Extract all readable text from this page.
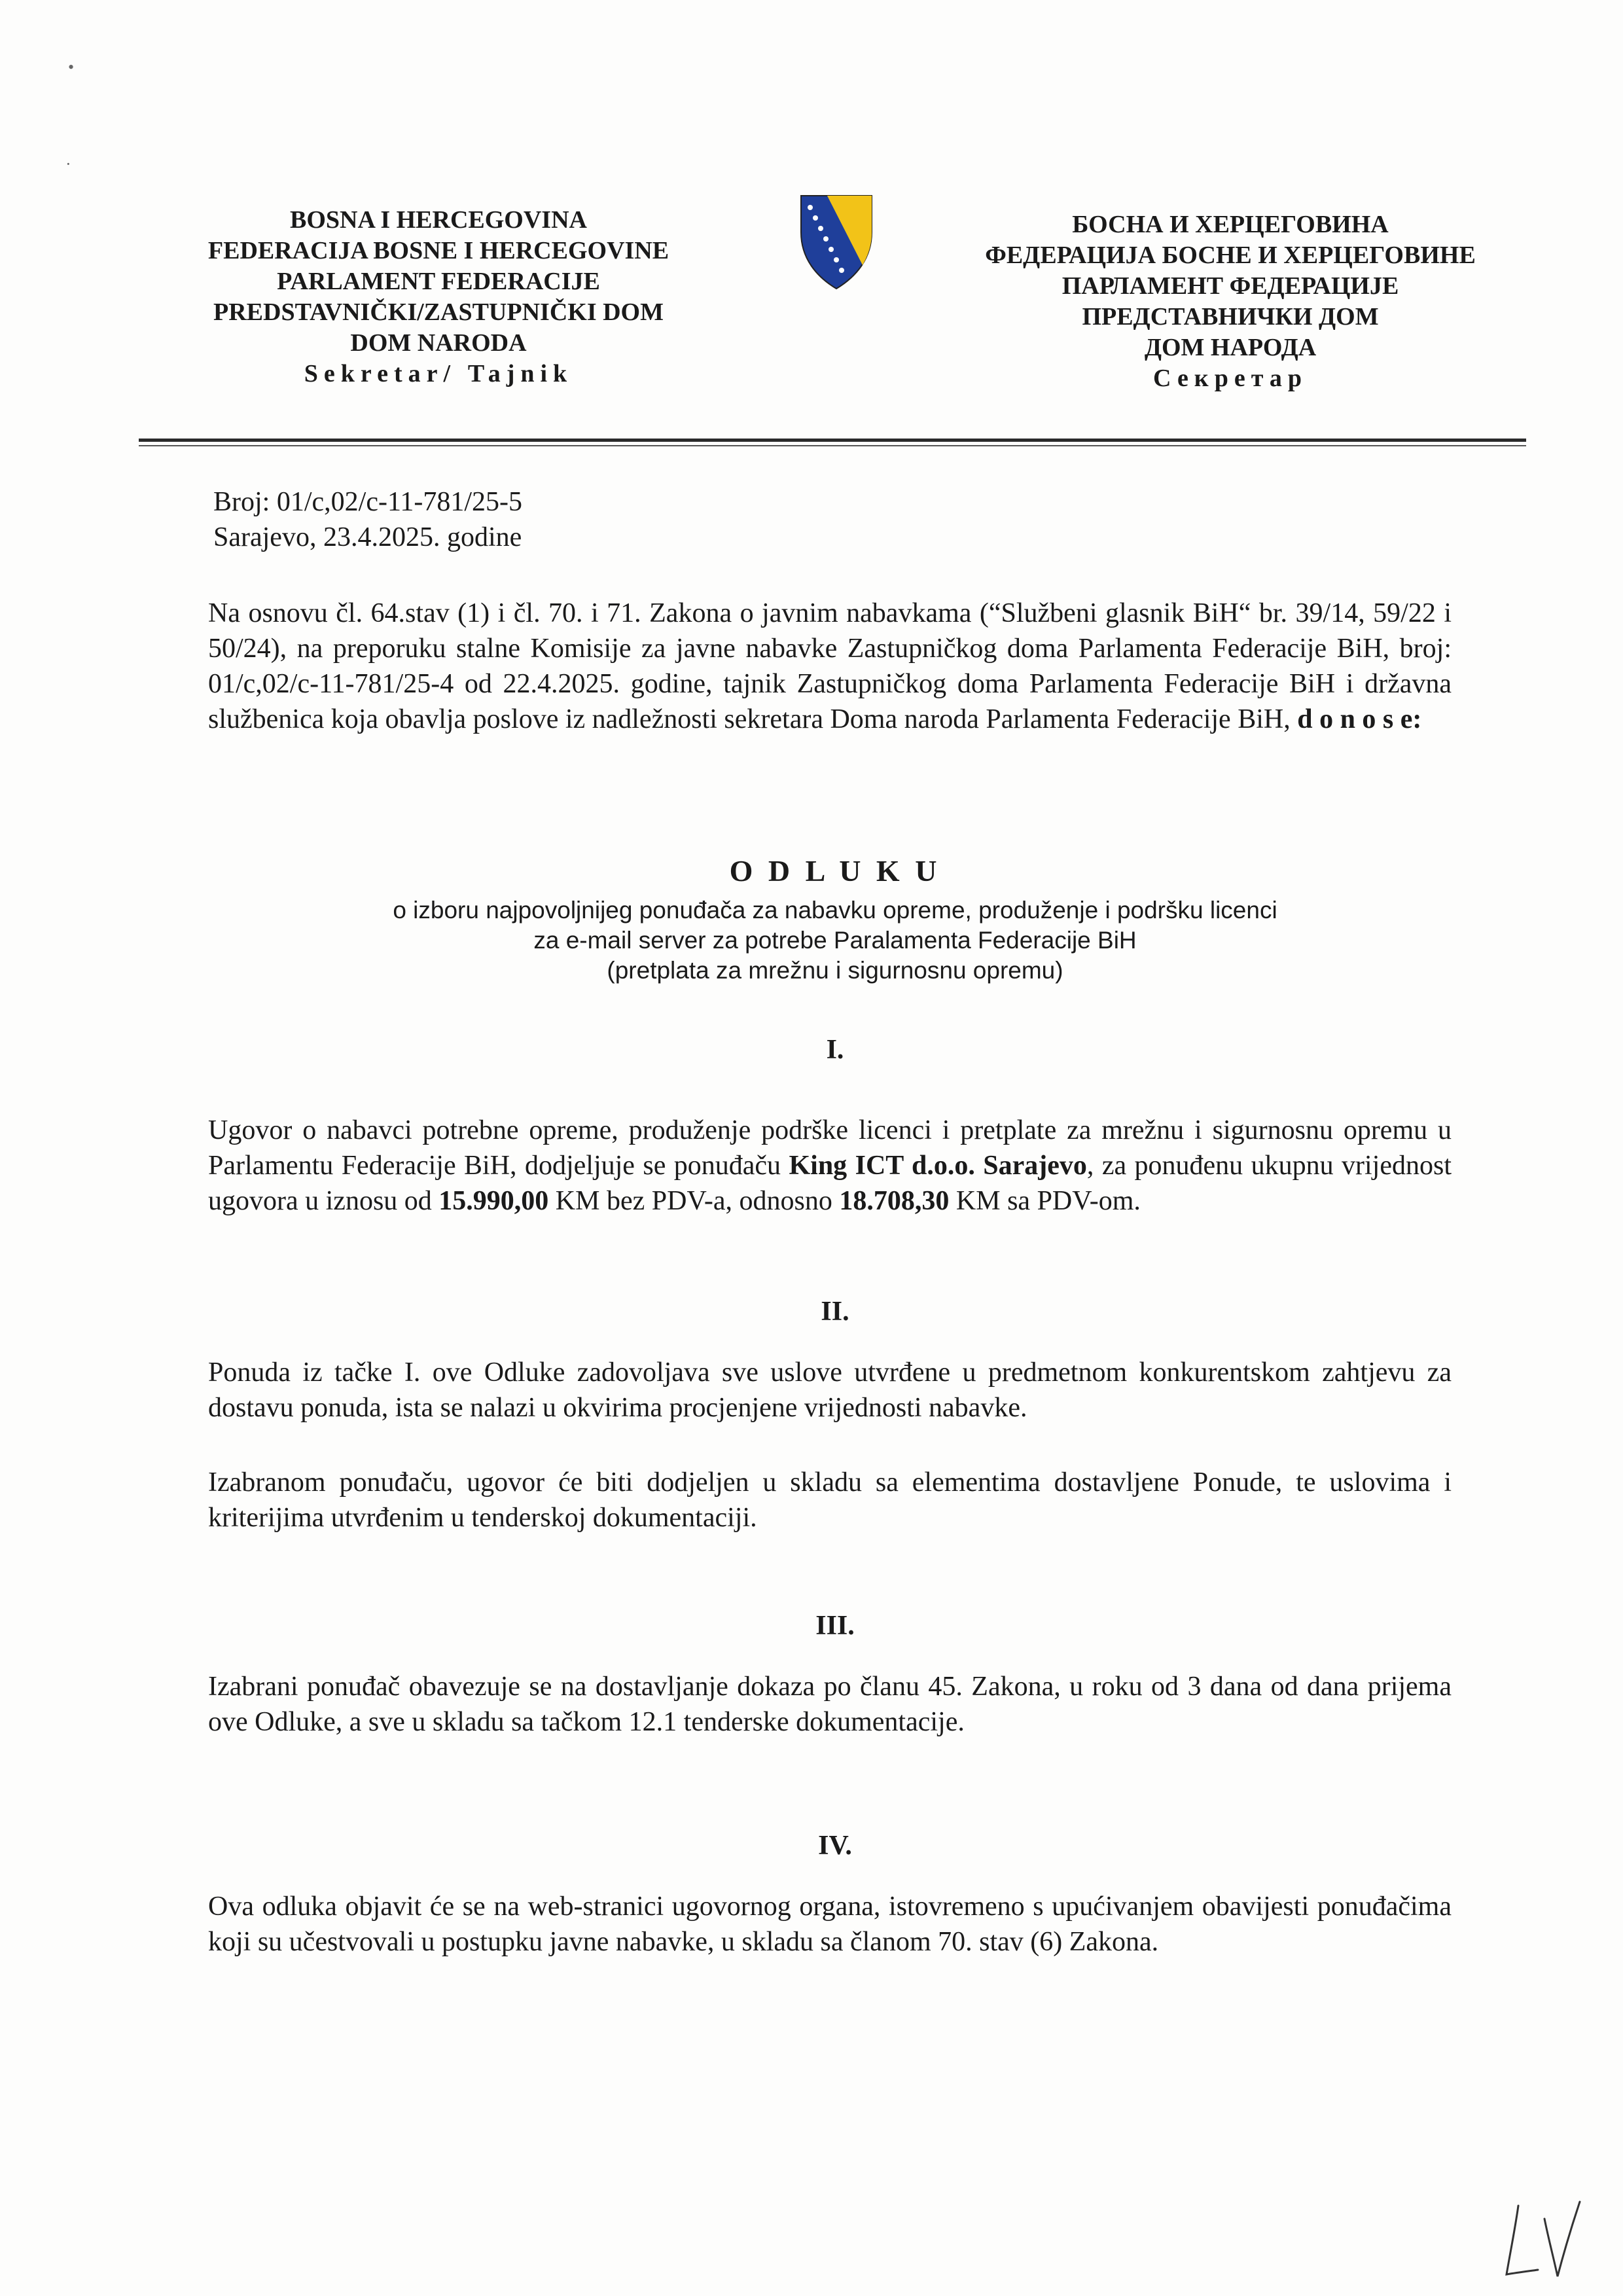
•
·
BOSNA I HERCEGOVINA
FEDERACIJA BOSNE I HERCEGOVINE
PARLAMENT FEDERACIJE
PREDSTAVNIČKI/ZASTUPNIČKI DOM
DOM NARODA
Sekretar/ Tajnik
БОСНА И ХЕРЦЕГОВИНА
ФЕДЕРАЦИЈА БОСНЕ И ХЕРЦЕГОВИНЕ
ПАРЛАМЕНТ ФЕДЕРАЦИЈЕ
ПРЕДСТАВНИЧКИ ДОМ
ДОМ НАРОДА
Секретар
Broj: 01/c,02/c-11-781/25-5
Sarajevo, 23.4.2025. godine
Na osnovu čl. 64.stav (1) i čl. 70. i 71. Zakona o javnim nabavkama (“Službeni glasnik BiH“ br. 39/14, 59/22 i 50/24), na preporuku stalne Komisije za javne nabavke Zastupničkog doma Parlamenta Federacije BiH, broj: 01/c,02/c-11-781/25-4 od 22.4.2025. godine, tajnik Zastupničkog doma Parlamenta Federacije BiH i državna službenica koja obavlja poslove iz nadležnosti sekretara Doma naroda Parlamenta Federacije BiH, d o n o s e:
O D L U K U
o izboru najpovoljnijeg ponuđača za nabavku opreme, produženje i podršku licenci
za e-mail server za potrebe Paralamenta Federacije BiH
(pretplata za mrežnu i sigurnosnu opremu)
I.
Ugovor o nabavci potrebne opreme, produženje podrške licenci i pretplate za mrežnu i sigurnosnu opremu u Parlamentu Federacije BiH, dodjeljuje se ponuđaču King ICT d.o.o. Sarajevo, za ponuđenu ukupnu vrijednost ugovora u iznosu od 15.990,00 KM bez PDV-a, odnosno 18.708,30 KM sa PDV-om.
II.
Ponuda iz tačke I. ove Odluke zadovoljava sve uslove utvrđene u predmetnom konkurentskom zahtjevu za dostavu ponuda, ista se nalazi u okvirima procjenjene vrijednosti nabavke.
Izabranom ponuđaču, ugovor će biti dodjeljen u skladu sa elementima dostavljene Ponude, te uslovima i kriterijima utvrđenim u tenderskoj dokumentaciji.
III.
Izabrani ponuđač obavezuje se na dostavljanje dokaza po članu 45. Zakona, u roku od 3 dana od dana prijema ove Odluke, a sve u skladu sa tačkom 12.1 tenderske dokumentacije.
IV.
Ova odluka objavit će se na web-stranici ugovornog organa, istovremeno s upućivanjem obavijesti ponuđačima koji su učestvovali u postupku javne nabavke, u skladu sa članom 70. stav (6) Zakona.
